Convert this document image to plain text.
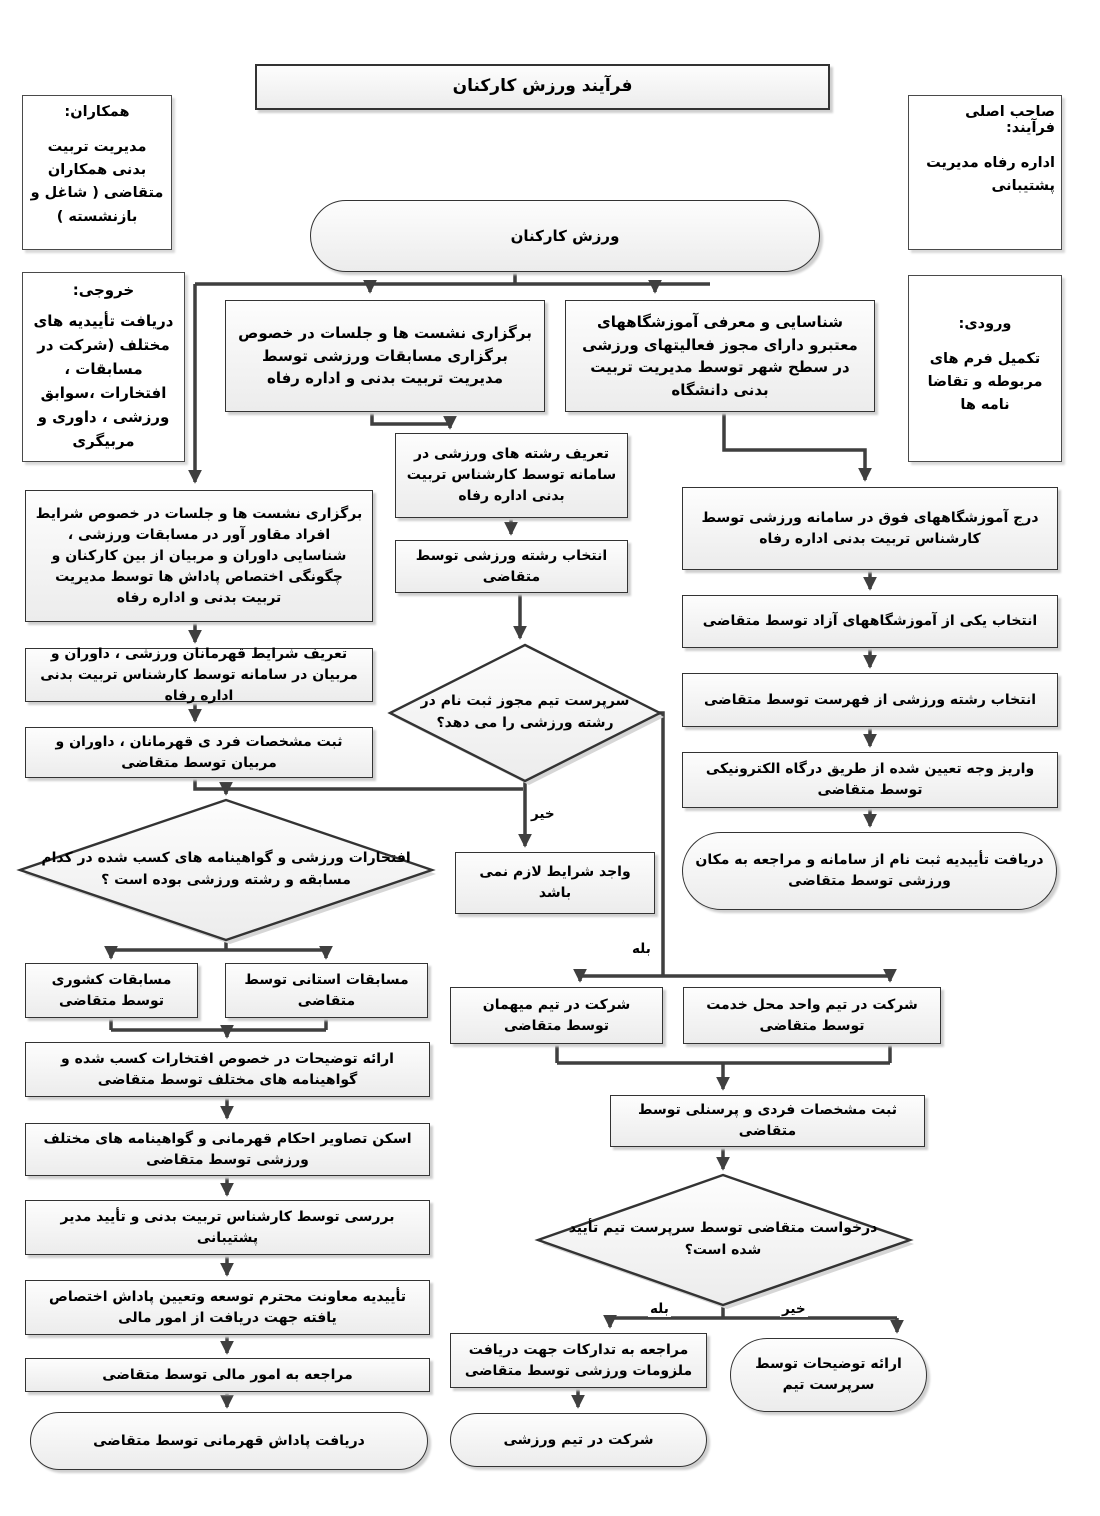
فرآیند ورزش کارکنان
همکاران:
مدیریت تربیت بدنی همکاران متقاضی ( شاغل و بازنشسته )
خروجی:
دریافت تأییدیه های مختلف (شرکت در مسابقات ، افتخارات ،سوابق ورزشی ، داوری و مربیگری
صاحب اصلی فرآیند:
اداره رفاه مدیریت پشتیبانی
ورودی:
تکمیل فرم های مربوطه و تقاضا نامه ها
ورزش کارکنان
برگزاری نشست ها و جلسات در خصوص برگزاری مسابقات ورزشی توسط مدیریت تربیت بدنی و اداره رفاه
شناسایی و معرفی آموزشگاههای معتبرو دارای مجوز فعالیتهای ورزشی در سطح شهر توسط مدیریت تربیت بدنی دانشگاه
تعریف رشته های ورزشی در سامانه توسط کارشناس تربیت بدنی اداره رفاه
انتخاب رشته ورزشی توسط متقاضی
سرپرست تیم مجوز ثبت نام در رشته ورزشی را می دهد؟
واجد شرایط لازم نمی باشد
درج آموزشگاههای فوق در سامانه ورزشی توسط کارشناس تربیت بدنی اداره رفاه
انتخاب یکی از آموزشگاههای آزاد توسط متقاضی
انتخاب رشته ورزشی از فهرست توسط متقاضی
واریز وجه تعیین شده از طریق درگاه الکترونیکی توسط متقاضی
دریافت تأییدیه ثبت نام از سامانه و مراجعه به مکان ورزشی توسط متقاضی
برگزاری نشست ها و جلسات در خصوص شرایط افراد مقاور آور در مسابقات ورزشی ، شناسایی داوران و مربیان از بین کارکنان و چگونگی اختصاص پاداش ها توسط مدیریت تربیت بدنی و اداره رفاه
تعریف شرایط قهرمانان ورزشی ، داوران و مربیان در سامانه توسط کارشناس تربیت بدنی اداره رفاه
ثبت مشخصات فرد ی قهرمانان ، داوران و مربیان توسط متقاضی
افتخارات ورزشی و گواهینامه های کسب شده در کدام مسابقه و رشته ورزشی بوده است ؟
مسابقات کشوری توسط متقاضی
مسابقات استانی توسط متقاضی
ارائه توضیحات در خصوص افتخارات کسب شده و گواهینامه های مختلف توسط متقاضی
اسکن تصاویر احکام قهرمانی و گواهینامه های مختلف ورزشی توسط متقاضی
بررسی توسط کارشناس تربیت بدنی و تأیید مدیر پشتیبانی
تأییدیه معاونت محترم توسعه وتعیین پاداش اختصاص یافته جهت دریافت از امور مالی
مراجعه به امور مالی توسط متقاضی
دریافت پاداش قهرمانی توسط متقاضی
شرکت در تیم میهمان توسط متقاضی
شرکت در تیم واحد محل خدمت توسط متقاضی
ثبت مشخصات فردی و پرسنلی توسط متقاضی
درخواست متقاضی توسط سرپرست تیم تأیید شده است؟
مراجعه به تدارکات جهت دریافت ملزومات ورزشی توسط متقاضی
شرکت در تیم ورزشی
ارائه توضیحات توسط سرپرست تیم
خیر
بله
بله	خیر
